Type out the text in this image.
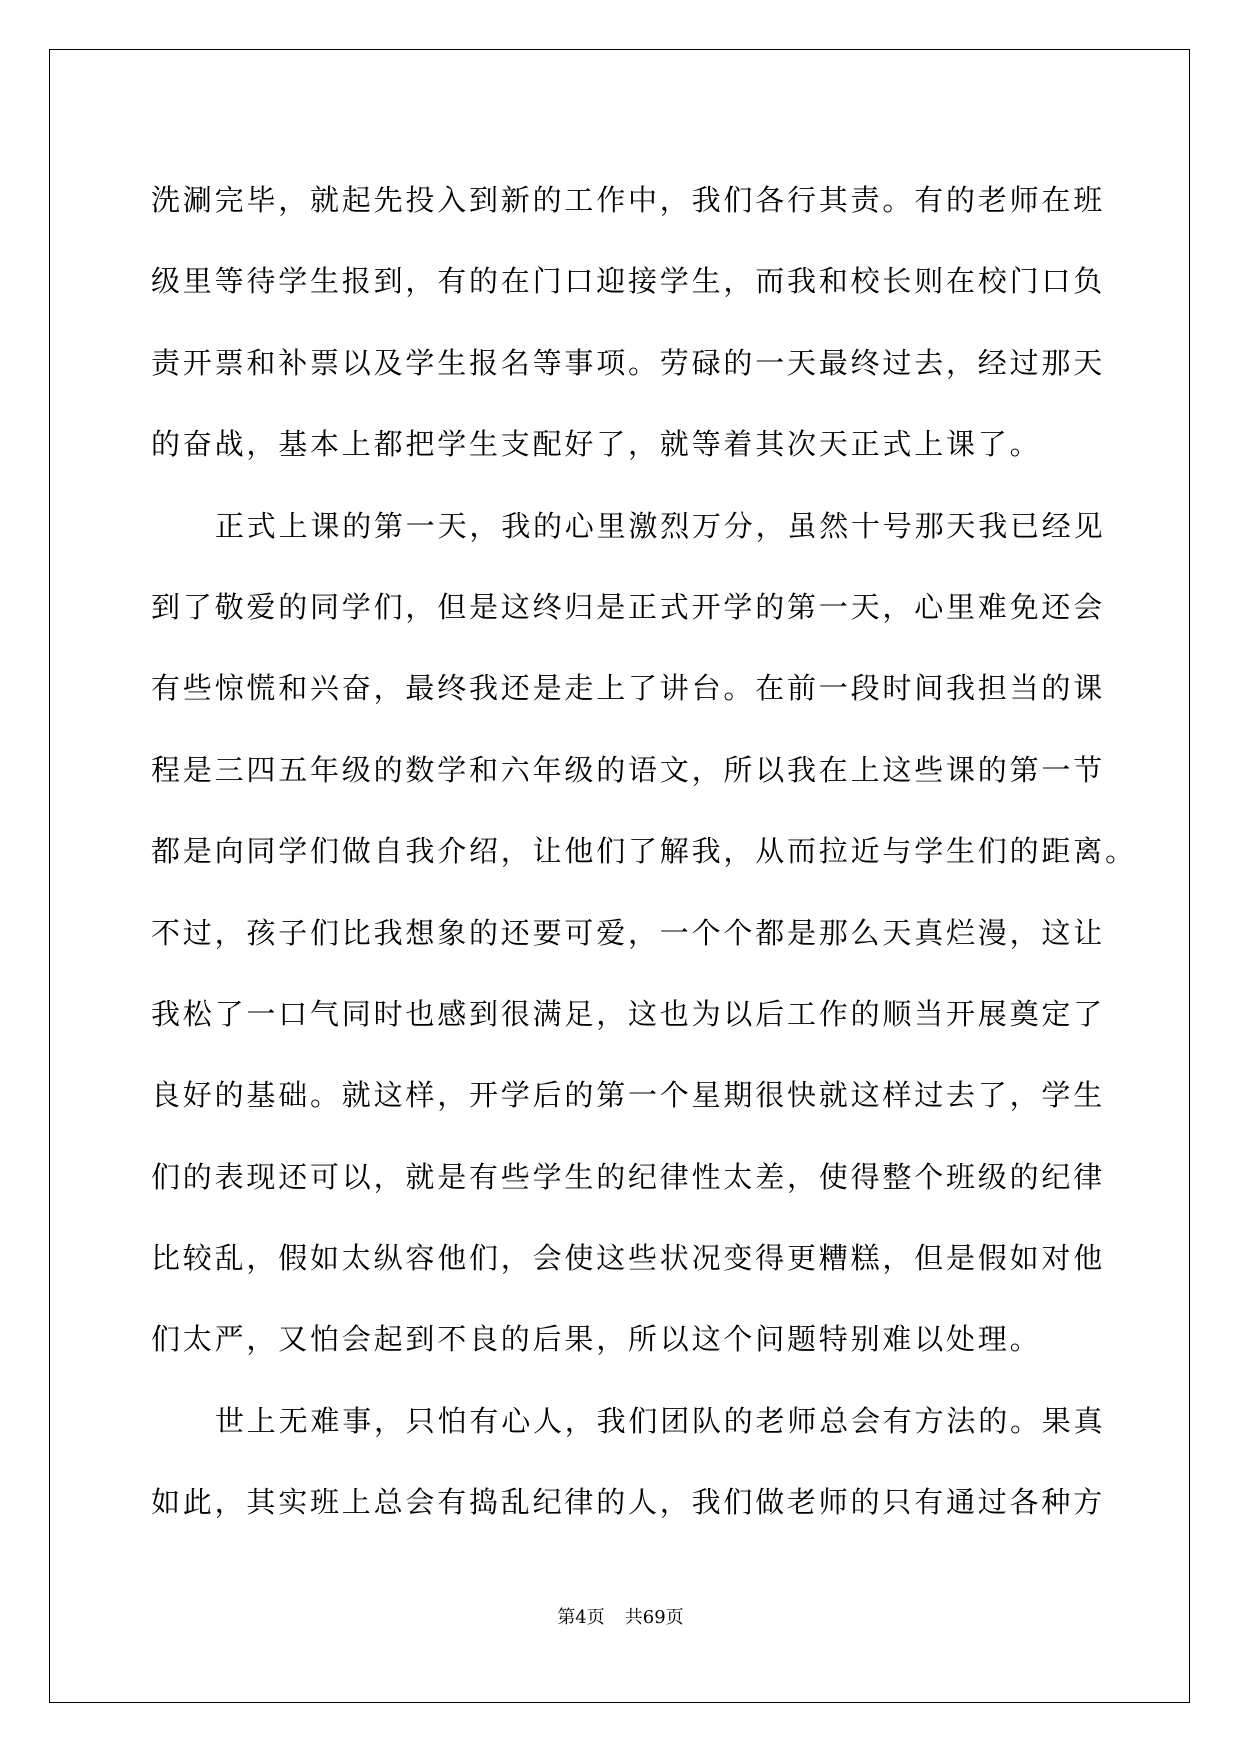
洗涮完毕，就起先投入到新的工作中，我们各行其责。有的老师在班
级里等待学生报到，有的在门口迎接学生，而我和校长则在校门口负
责开票和补票以及学生报名等事项。劳碌的一天最终过去，经过那天
的奋战，基本上都把学生支配好了，就等着其次天正式上课了。
正式上课的第一天，我的心里激烈万分，虽然十号那天我已经见
到了敬爱的同学们，但是这终归是正式开学的第一天，心里难免还会
有些惊慌和兴奋，最终我还是走上了讲台。在前一段时间我担当的课
程是三四五年级的数学和六年级的语文，所以我在上这些课的第一节
都是向同学们做自我介绍，让他们了解我，从而拉近与学生们的距离。
不过，孩子们比我想象的还要可爱，一个个都是那么天真烂漫，这让
我松了一口气同时也感到很满足，这也为以后工作的顺当开展奠定了
良好的基础。就这样，开学后的第一个星期很快就这样过去了，学生
们的表现还可以，就是有些学生的纪律性太差，使得整个班级的纪律
比较乱，假如太纵容他们，会使这些状况变得更糟糕，但是假如对他
们太严，又怕会起到不良的后果，所以这个问题特别难以处理。
世上无难事，只怕有心人，我们团队的老师总会有方法的。果真
如此，其实班上总会有捣乱纪律的人，我们做老师的只有通过各种方
第4页 共69页
